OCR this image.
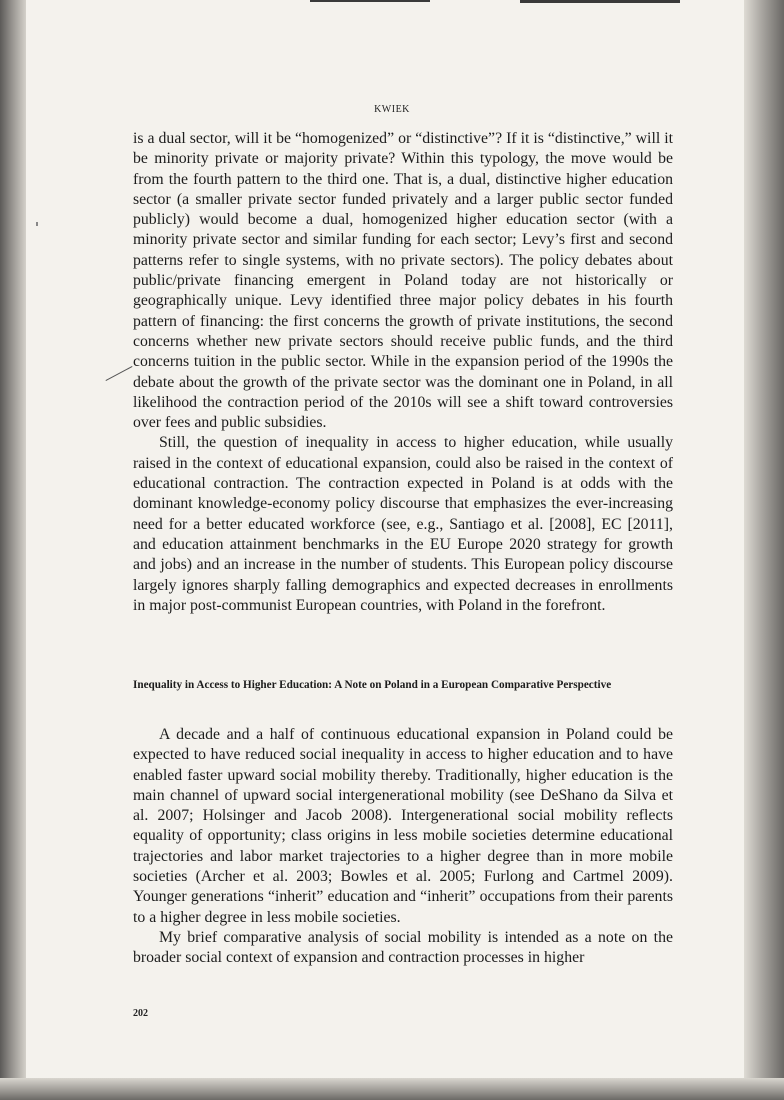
KWIEK

is a dual sector, will it be “homogenized” or “distinctive”? If it is “distinctive,” will it be minority private or majority private? Within this typology, the move would be from the fourth pattern to the third one. That is, a dual, distinctive higher education sector (a smaller private sector funded privately and a larger public sector funded publicly) would become a dual, homogenized higher education sector (with a minority private sector and similar funding for each sector; Levy’s first and second patterns refer to single systems, with no private sectors). The policy debates about public/private financing emergent in Poland today are not historically or geographically unique. Levy identified three major policy debates in his fourth pattern of financing: the first concerns the growth of private institutions, the second concerns whether new private sectors should receive public funds, and the third concerns tuition in the public sector. While in the expansion period of the 1990s the debate about the growth of the private sector was the dominant one in Poland, in all likelihood the contraction period of the 2010s will see a shift toward controversies over fees and public subsidies.

Still, the question of inequality in access to higher education, while usually raised in the context of educational expansion, could also be raised in the context of educational contraction. The contraction expected in Poland is at odds with the dominant knowledge-economy policy discourse that emphasizes the ever-increasing need for a better educated workforce (see, e.g., Santiago et al. [2008], EC [2011], and education attainment benchmarks in the EU Europe 2020 strategy for growth and jobs) and an increase in the number of students. This European policy discourse largely ignores sharply falling demographics and expected decreases in enrollments in major post-communist European countries, with Poland in the forefront.

Inequality in Access to Higher Education: A Note on Poland in a European Comparative Perspective

A decade and a half of continuous educational expansion in Poland could be expected to have reduced social inequality in access to higher education and to have enabled faster upward social mobility thereby. Traditionally, higher education is the main channel of upward social intergenerational mobility (see DeShano da Silva et al. 2007; Holsinger and Jacob 2008). Intergenerational social mobility reflects equality of opportunity; class origins in less mobile societies determine educational trajectories and labor market trajectories to a higher degree than in more mobile societies (Archer et al. 2003; Bowles et al. 2005; Furlong and Cartmel 2009). Younger generations “inherit” education and “inherit” occupations from their parents to a higher degree in less mobile societies.

My brief comparative analysis of social mobility is intended as a note on the broader social context of expansion and contraction processes in higher

202
